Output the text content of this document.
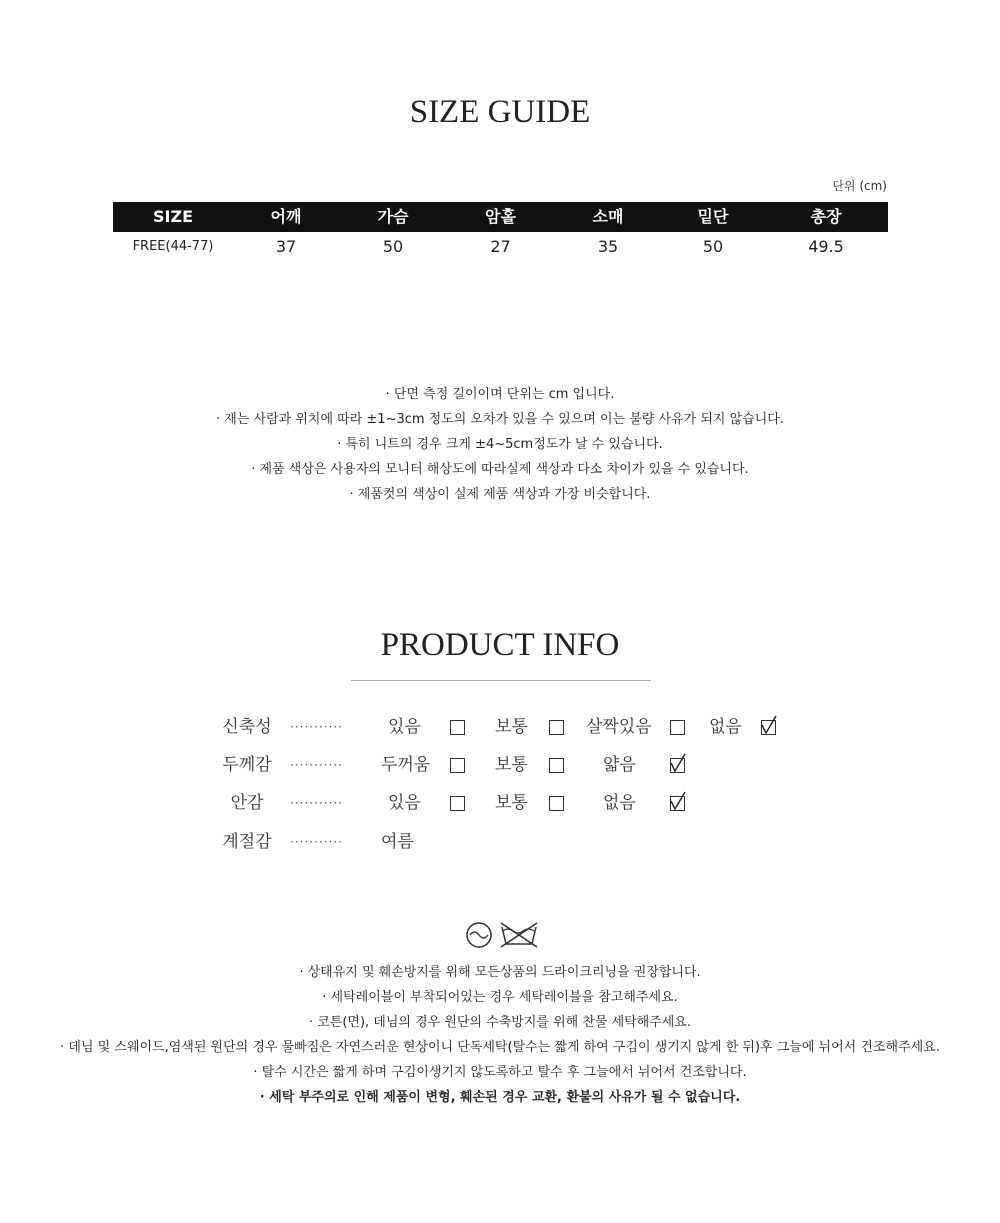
SIZE GUIDE
단위 (cm)
SIZE	어깨	가슴	암홀	소매	밑단	총장
FREE(44-77)	37	50	27	35	50	49.5
· 단면 측정 길이이며 단위는 cm 입니다.
· 재는 사람과 위치에 따라 ±1~3cm 정도의 오차가 있을 수 있으며 이는 불량 사유가 되지 않습니다.
· 특히 니트의 경우 크게 ±4~5cm정도가 날 수 있습니다.
· 제품 색상은 사용자의 모니터 해상도에 따라실제 색상과 다소 차이가 있을 수 있습니다.
· 제품컷의 색상이 실제 제품 색상과 가장 비슷합니다.
PRODUCT INFO
신축성	···········	있음	보통	살짝있음	없음
두께감	··········· 두꺼움	보통	얇음
안감	···········	있음	보통	없음
계절감	··········· 여름
· 상태유지 및 훼손방지를 위해 모든상품의 드라이크리닝을 권장합니다.
· 세탁레이블이 부착되어있는 경우 세탁레이블을 참고해주세요.
· 코튼(면), 데님의 경우 원단의 수축방지를 위해 찬물 세탁해주세요.
· 데님 및 스웨이드,염색된 원단의 경우 물빠짐은 자연스러운 현상이니 단독세탁(탈수는 짧게 하여 구김이 생기지 않게 한 뒤)후 그늘에 뉘어서 건조해주세요.
· 탈수 시간은 짧게 하며 구김이생기지 않도록하고 탈수 후 그늘에서 뉘어서 건조합니다.
· 세탁 부주의로 인해 제품이 변형, 훼손된 경우 교환, 환불의 사유가 될 수 없습니다.
